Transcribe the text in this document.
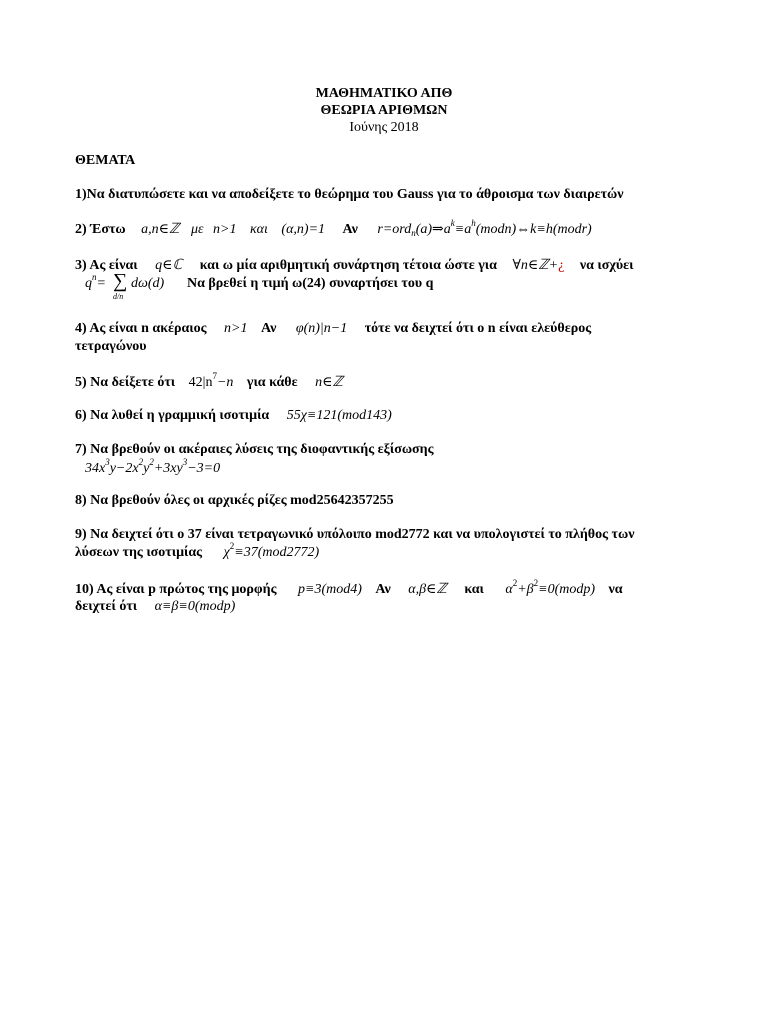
ΜΑΘΗΜΑΤΙΚΟ ΑΠΘ
ΘΕΩΡΙΑ ΑΡΙΘΜΩΝ
Ιούνης 2018
ΘΕΜΑΤΑ
1)Να διατυπώσετε και να αποδείξετε το θεώρημα του Gauss για το άθροισμα των διαιρετών
2) Έστω a,n∈ℤ με n>1 και (α,n)=1 Αν $r=ord_n(a)\Rightarrow a^k\equiv a^h(modn)\Leftrightarrow k\equiv h(modr)$
3) Ας είναι q∈ℂ και ω μία αριθμητική συνάρτηση τέτοια ώστε για ∀n∈ℤ+¿ να ισχύει
$q^n=$ ∑
d/n
dω(d) Να βρεθεί η τιμή ω(24) συναρτήσει του q
4) Ας είναι n ακέραιος n>1 Αν φ(n)|n−1 τότε να δειχτεί ότι ο n είναι ελεύθερος
τετραγώνου
5) Να δείξετε ότι $42|n^7-n$ για κάθε n∈ℤ
6) Να λυθεί η γραμμική ισοτιμία 55χ≡121(mod143)
7) Να βρεθούν οι ακέραιες λύσεις της διοφαντικής εξίσωσης
$34x^3y-2x^2y^2+3xy^3-3=0$
8) Να βρεθούν όλες οι αρχικές ρίζες mod25642357255
9) Να δειχτεί ότι ο 37 είναι τετραγωνικό υπόλοιπο mod2772 και να υπολογιστεί το πλήθος των
λύσεων της ισοτιμίας $\chi^2\equiv 37(mod2772)$
10) Ας είναι p πρώτος της μορφής p≡3(mod4) Αν α,β∈ℤ και $\alpha^2+\beta^2\equiv 0(modp)$ να
δειχτεί ότι α≡β≡0(modp)
